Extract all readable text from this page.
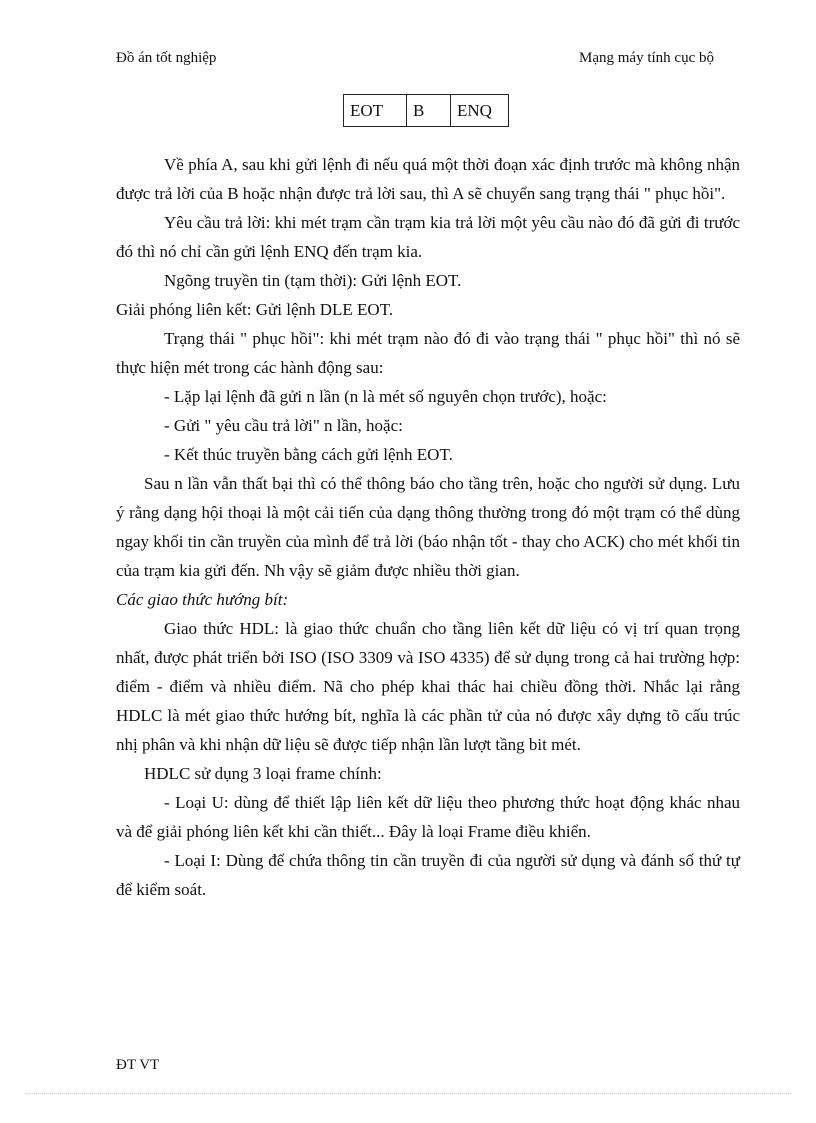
Đồ án tốt nghiệp	Mạng máy tính cục bộ
EOT	B	ENQ

Về phía A, sau khi gửi lệnh đi nếu quá một thời đoạn xác định trước mà không nhận được trả lời của B hoặc nhận được trả lời sau, thì A sẽ chuyển sang trạng thái " phục hồi".

Yêu cầu trả lời: khi mét trạm cần trạm kia trả lời một yêu cầu nào đó đã gửi đi trước đó thì nó chỉ cần gửi lệnh ENQ đến trạm kia.

Ngõng truyền tin (tạm thời): Gửi lệnh EOT.

Giải phóng liên kết: Gửi lệnh DLE EOT.

Trạng thái " phục hồi": khi mét trạm nào đó đi vào trạng thái " phục hồi" thì nó sẽ thực hiện mét trong các hành động sau:

- Lặp lại lệnh đã gửi n lần (n là mét số nguyên chọn trước), hoặc:

- Gửi " yêu cầu trả lời" n lần, hoặc:

- Kết thúc truyền bằng cách gửi lệnh EOT.

Sau n lần vẫn thất bại thì có thể thông báo cho tầng trên, hoặc cho người sử dụng. Lưu ý rằng dạng hội thoại là một cải tiến của dạng thông thường trong đó một trạm có thể dùng ngay khối tin cần truyền của mình để trả lời (báo nhận tốt - thay cho ACK) cho mét khối tin của trạm kia gửi đến. Nh vậy sẽ giảm được nhiều thời gian.

Các giao thức hướng bít:

Giao thức HDL: là giao thức chuẩn cho tầng liên kết dữ liệu có vị trí quan trọng nhất, được phát triển bởi ISO (ISO 3309 và ISO 4335) để sử dụng trong cả hai trường hợp: điểm - điểm và nhiều điểm. Nã cho phép khai thác hai chiều đồng thời. Nhắc lại rằng HDLC là mét giao thức hướng bít, nghĩa là các phần tử của nó được xây dựng tõ cấu trúc nhị phân và khi nhận dữ liệu sẽ được tiếp nhận lần lượt tầng bit mét.

HDLC sử dụng 3 loại frame chính:

- Loại U: dùng để thiết lập liên kết dữ liệu theo phương thức hoạt động khác nhau và để giải phóng liên kết khi cần thiết... Đây là loại Frame điều khiển.

- Loại I: Dùng để chứa thông tin cần truyền đi của người sử dụng và đánh số thứ tự để kiểm soát.

ĐT VT
